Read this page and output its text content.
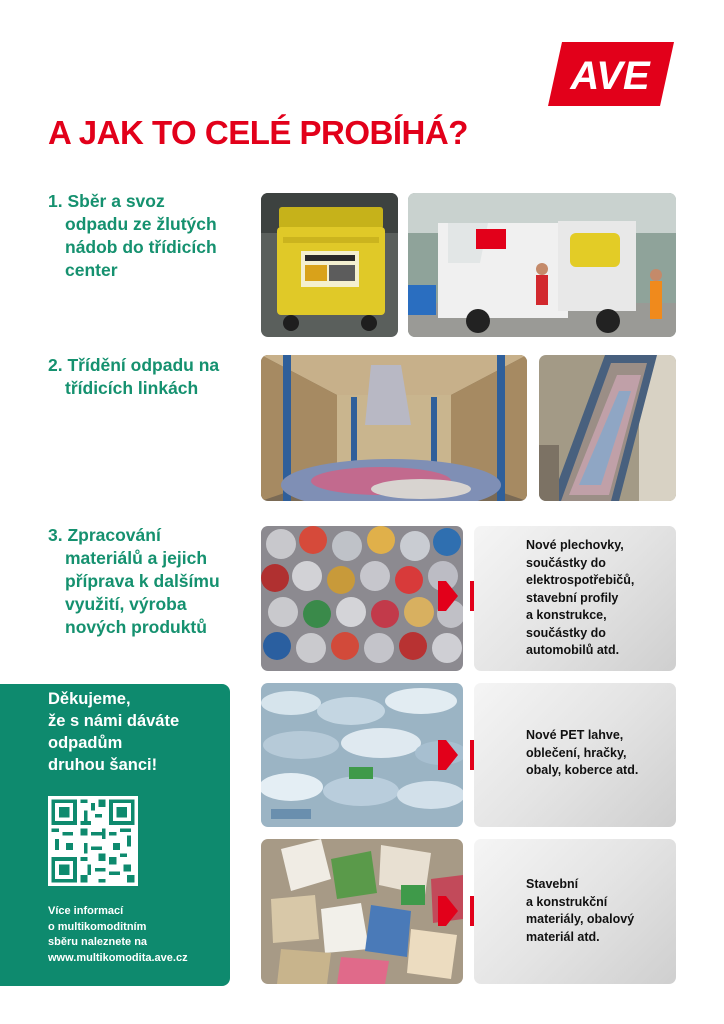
AVE
A JAK TO CELÉ PROBÍHÁ?
1. Sběr a svoz
odpadu ze žlutých
nádob do třídicích
center
2. Třídění odpadu na
třídicích linkách
3. Zpracování
materiálů a jejich
příprava k dalšímu
využití, výroba
nových produktů
Nové plechovky,
součástky do
elektrospotřebičů,
stavební profily
a konstrukce,
součástky do
automobilů atd.
Nové PET lahve,
oblečení, hračky,
obaly, koberce atd.
Stavební
a konstrukční
materiály, obalový
materiál atd.
Děkujeme,
že s námi dáváte
odpadům
druhou šanci!
Více informací
o multikomoditním
sběru naleznete na
www.multikomodita.ave.cz
